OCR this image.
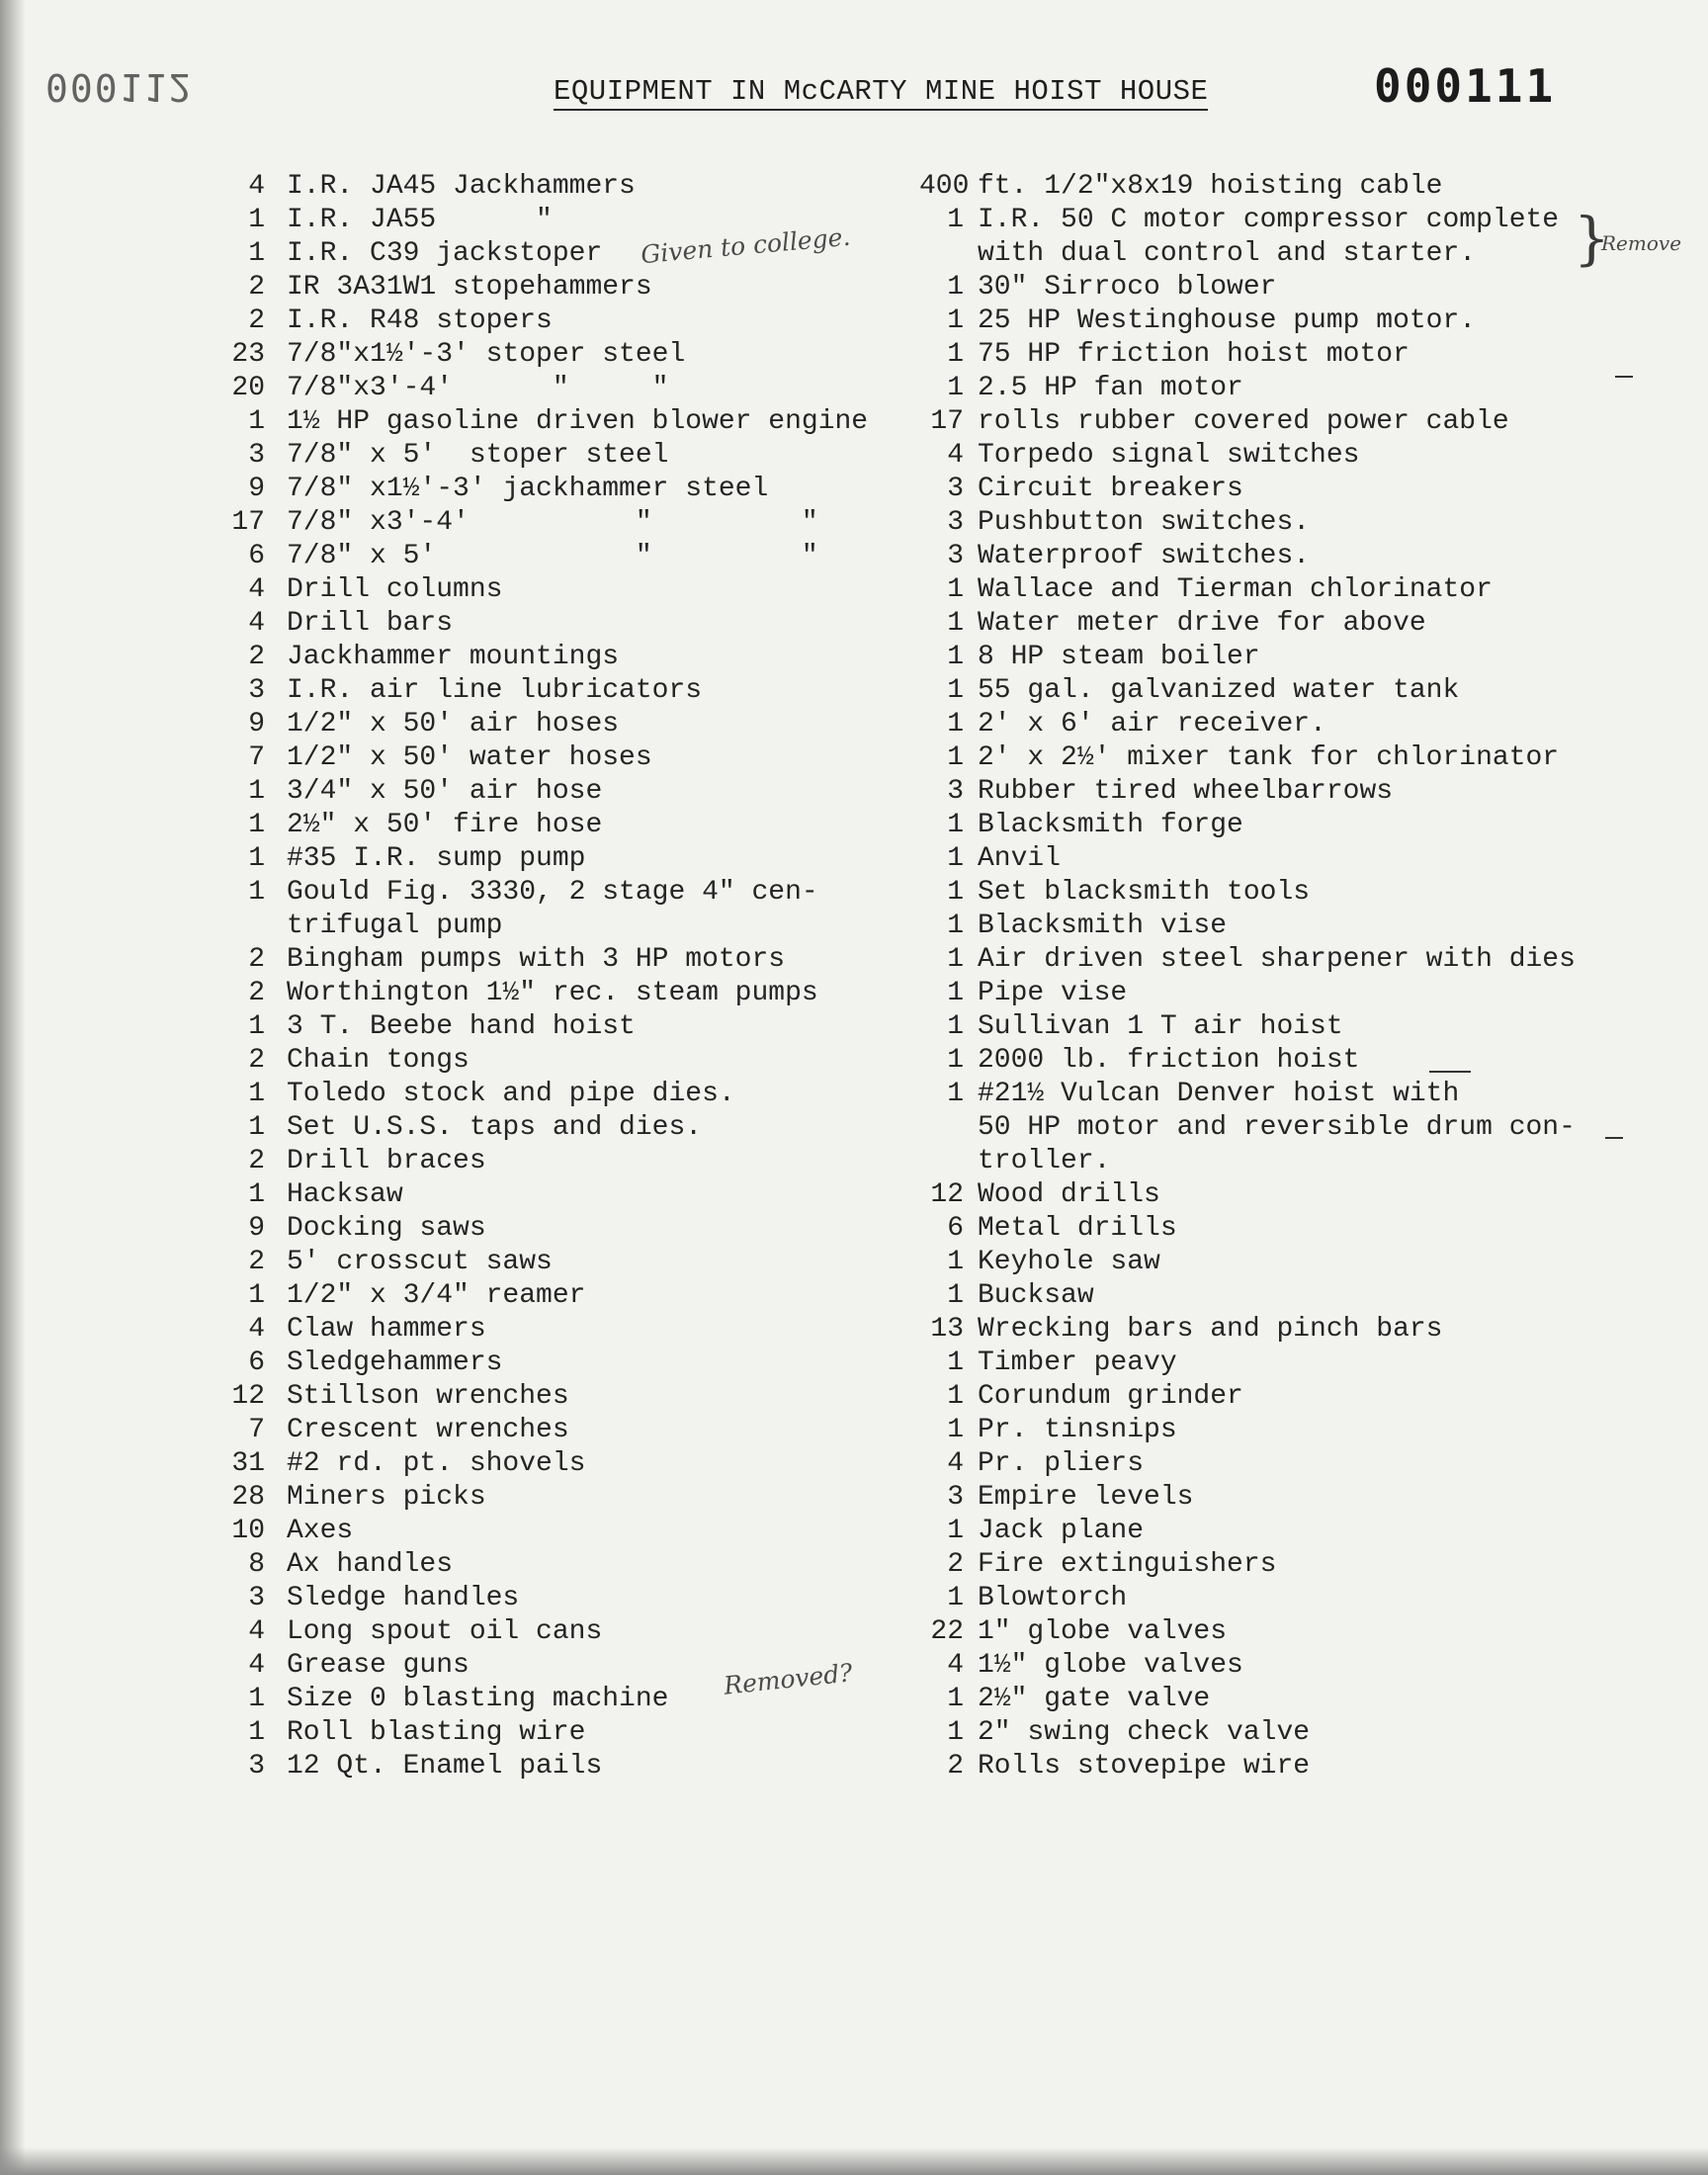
000112	000111
EQUIPMENT IN McCARTY MINE HOIST HOUSE
4 I.R. JA45 Jackhammers
1 I.R. JA55      "
1 I.R. C39 jackstoper
2 IR 3A31W1 stopehammers
2 I.R. R48 stopers
23 7/8"x1½'-3' stoper steel
20 7/8"x3'-4'      "     "
1 1½ HP gasoline driven blower engine
3 7/8" x 5'  stoper steel
9 7/8" x1½'-3' jackhammer steel
17 7/8" x3'-4'          "         "
6 7/8" x 5'            "         "
4 Drill columns
4 Drill bars
2 Jackhammer mountings
3 I.R. air line lubricators
9 1/2" x 50' air hoses
7 1/2" x 50' water hoses
1 3/4" x 50' air hose
1 2½" x 50' fire hose
1 #35 I.R. sump pump
1 Gould Fig. 3330, 2 stage 4" cen-
trifugal pump
2 Bingham pumps with 3 HP motors
2 Worthington 1½" rec. steam pumps
1 3 T. Beebe hand hoist
2 Chain tongs
1 Toledo stock and pipe dies.
1 Set U.S.S. taps and dies.
2 Drill braces
1 Hacksaw
9 Docking saws
2 5' crosscut saws
1 1/2" x 3/4" reamer
4 Claw hammers
6 Sledgehammers
12 Stillson wrenches
7 Crescent wrenches
31 #2 rd. pt. shovels
28 Miners picks
10 Axes
8 Ax handles
3 Sledge handles
4 Long spout oil cans
4 Grease guns
1 Size 0 blasting machine
1 Roll blasting wire
3 12 Qt. Enamel pails
400 ft. 1/2"x8x19 hoisting cable
1 I.R. 50 C motor compressor complete
with dual control and starter.
1 30" Sirroco blower
1 25 HP Westinghouse pump motor.
1 75 HP friction hoist motor
1 2.5 HP fan motor
17 rolls rubber covered power cable
4 Torpedo signal switches
3 Circuit breakers
3 Pushbutton switches.
3 Waterproof switches.
1 Wallace and Tierman chlorinator
1 Water meter drive for above
1 8 HP steam boiler
1 55 gal. galvanized water tank
1 2' x 6' air receiver.
1 2' x 2½' mixer tank for chlorinator
3 Rubber tired wheelbarrows
1 Blacksmith forge
1 Anvil
1 Set blacksmith tools
1 Blacksmith vise
1 Air driven steel sharpener with dies
1 Pipe vise
1 Sullivan 1 T air hoist
1 2000 lb. friction hoist
1 #21½ Vulcan Denver hoist with
50 HP motor and reversible drum con-
troller.
12 Wood drills
6 Metal drills
1 Keyhole saw
1 Bucksaw
13 Wrecking bars and pinch bars
1 Timber peavy
1 Corundum grinder
1 Pr. tinsnips
4 Pr. pliers
3 Empire levels
1 Jack plane
2 Fire extinguishers
1 Blowtorch
22 1" globe valves
4 1½" globe valves
1 2½" gate valve
1 2" swing check valve
2 Rolls stovepipe wire
Given to college.
Removed?
}
Remove
